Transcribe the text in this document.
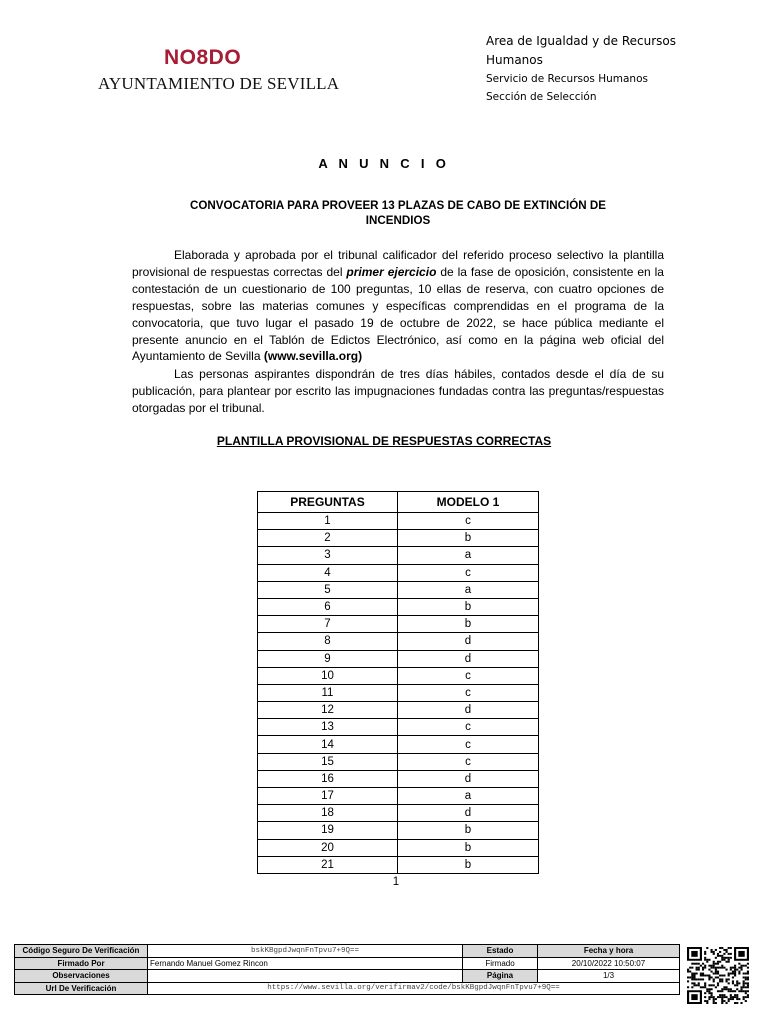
NO8DO
AYUNTAMIENTO DE SEVILLA
Area de Igualdad y de Recursos
Humanos
Servicio de Recursos Humanos
Sección de Selección
A N U N C I O
CONVOCATORIA PARA PROVEER 13 PLAZAS DE CABO DE EXTINCIÓN DE
INCENDIOS

Elaborada y aprobada por el tribunal calificador del referido proceso selectivo la plantilla provisional de respuestas correctas del primer ejercicio de la fase de oposición, consistente en la contestación de un cuestionario de 100 preguntas, 10 ellas de reserva, con cuatro opciones de respuestas, sobre las materias comunes y específicas comprendidas en el programa de la convocatoria, que tuvo lugar el pasado 19 de octubre de 2022, se hace pública mediante el presente anuncio en el Tablón de Edictos Electrónico, así como en la página web oficial del Ayuntamiento de Sevilla (www.sevilla.org)

Las personas aspirantes dispondrán de tres días hábiles, contados desde el día de su publicación, para plantear por escrito las impugnaciones fundadas contra las preguntas/respuestas otorgadas por el tribunal.

PLANTILLA PROVISIONAL DE RESPUESTAS CORRECTAS
PREGUNTAS	MODELO 1
1	c
2	b
3	a
4	c
5	a
6	b
7	b
8	d
9	d
10	c
11	c
12	d
13	c
14	c
15	c
16	d
17	a
18	d
19	b
20	b
21	b
1
Código Seguro De Verificación	bskKBgpdJwqnFnTpvu7+9Q==	Estado	Fecha y hora
Firmado Por	Fernando Manuel Gomez Rincon	Firmado	20/10/2022 10:50:07
Observaciones		Página	1/3
Url De Verificación	https://www.sevilla.org/verifirmav2/code/bskKBgpdJwqnFnTpvu7+9Q==		
